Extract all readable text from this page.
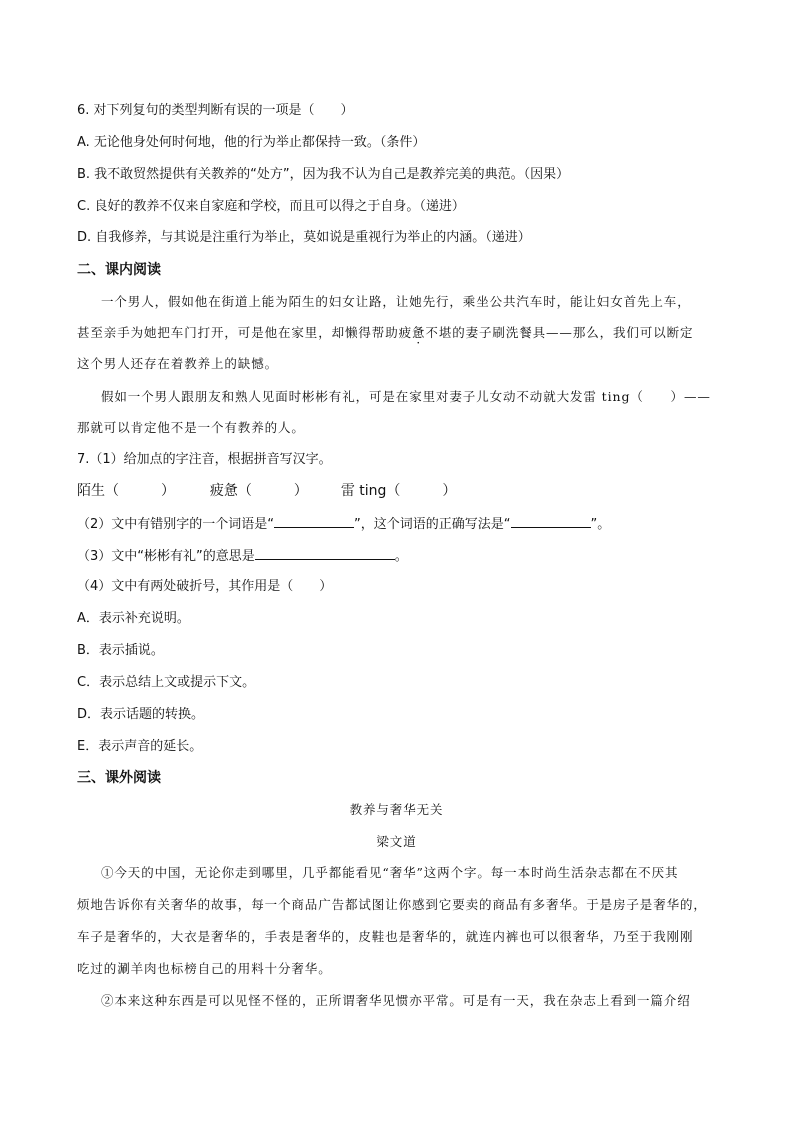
6. 对下列复句的类型判断有误的一项是（　　）
A. 无论他身处何时何地，他的行为举止都保持一致。（条件）
B. 我不敢贸然提供有关教养的“处方”，因为我不认为自己是教养完美的典范。（因果）
C. 良好的教养不仅来自家庭和学校，而且可以得之于自身。（递进）
D. 自我修养，与其说是注重行为举止，莫如说是重视行为举止的内涵。（递进）
二、课内阅读
一个男人，假如他在街道上能为陌生的妇女让路，让她先行，乘坐公共汽车时，能让妇女首先上车，
甚至亲手为她把车门打开，可是他在家里，却懒得帮助疲惫不堪的妻子刷洗餐具——那么，我们可以断定
这个男人还存在着教养上的缺憾。
假如一个男人跟朋友和熟人见面时彬彬有礼，可是在家里对妻子儿女动不动就大发雷 ting（　　）——
那就可以肯定他不是一个有教养的人。
7.（1）给加点的字注音，根据拼音写汉字。
陌生（　　　） 疲惫（　　　） 雷 ting（　　　）
（2）文中有错别字的一个词语是“	”，这个词语的正确写法是“	”。
（3）文中“彬彬有礼”的意思是	。
（4）文中有两处破折号，其作用是（　　）
A．表示补充说明。
B．表示插说。
C．表示总结上文或提示下文。
D．表示话题的转换。
E．表示声音的延长。
三、课外阅读
教养与奢华无关
梁文道
①今天的中国，无论你走到哪里，几乎都能看见“奢华”这两个字。每一本时尚生活杂志都在不厌其
烦地告诉你有关奢华的故事，每一个商品广告都试图让你感到它要卖的商品有多奢华。于是房子是奢华的，
车子是奢华的，大衣是奢华的，手表是奢华的，皮鞋也是奢华的，就连内裤也可以很奢华，乃至于我刚刚
吃过的涮羊肉也标榜自己的用料十分奢华。
②本来这种东西是可以见怪不怪的，正所谓奢华见惯亦平常。可是有一天，我在杂志上看到一篇介绍
